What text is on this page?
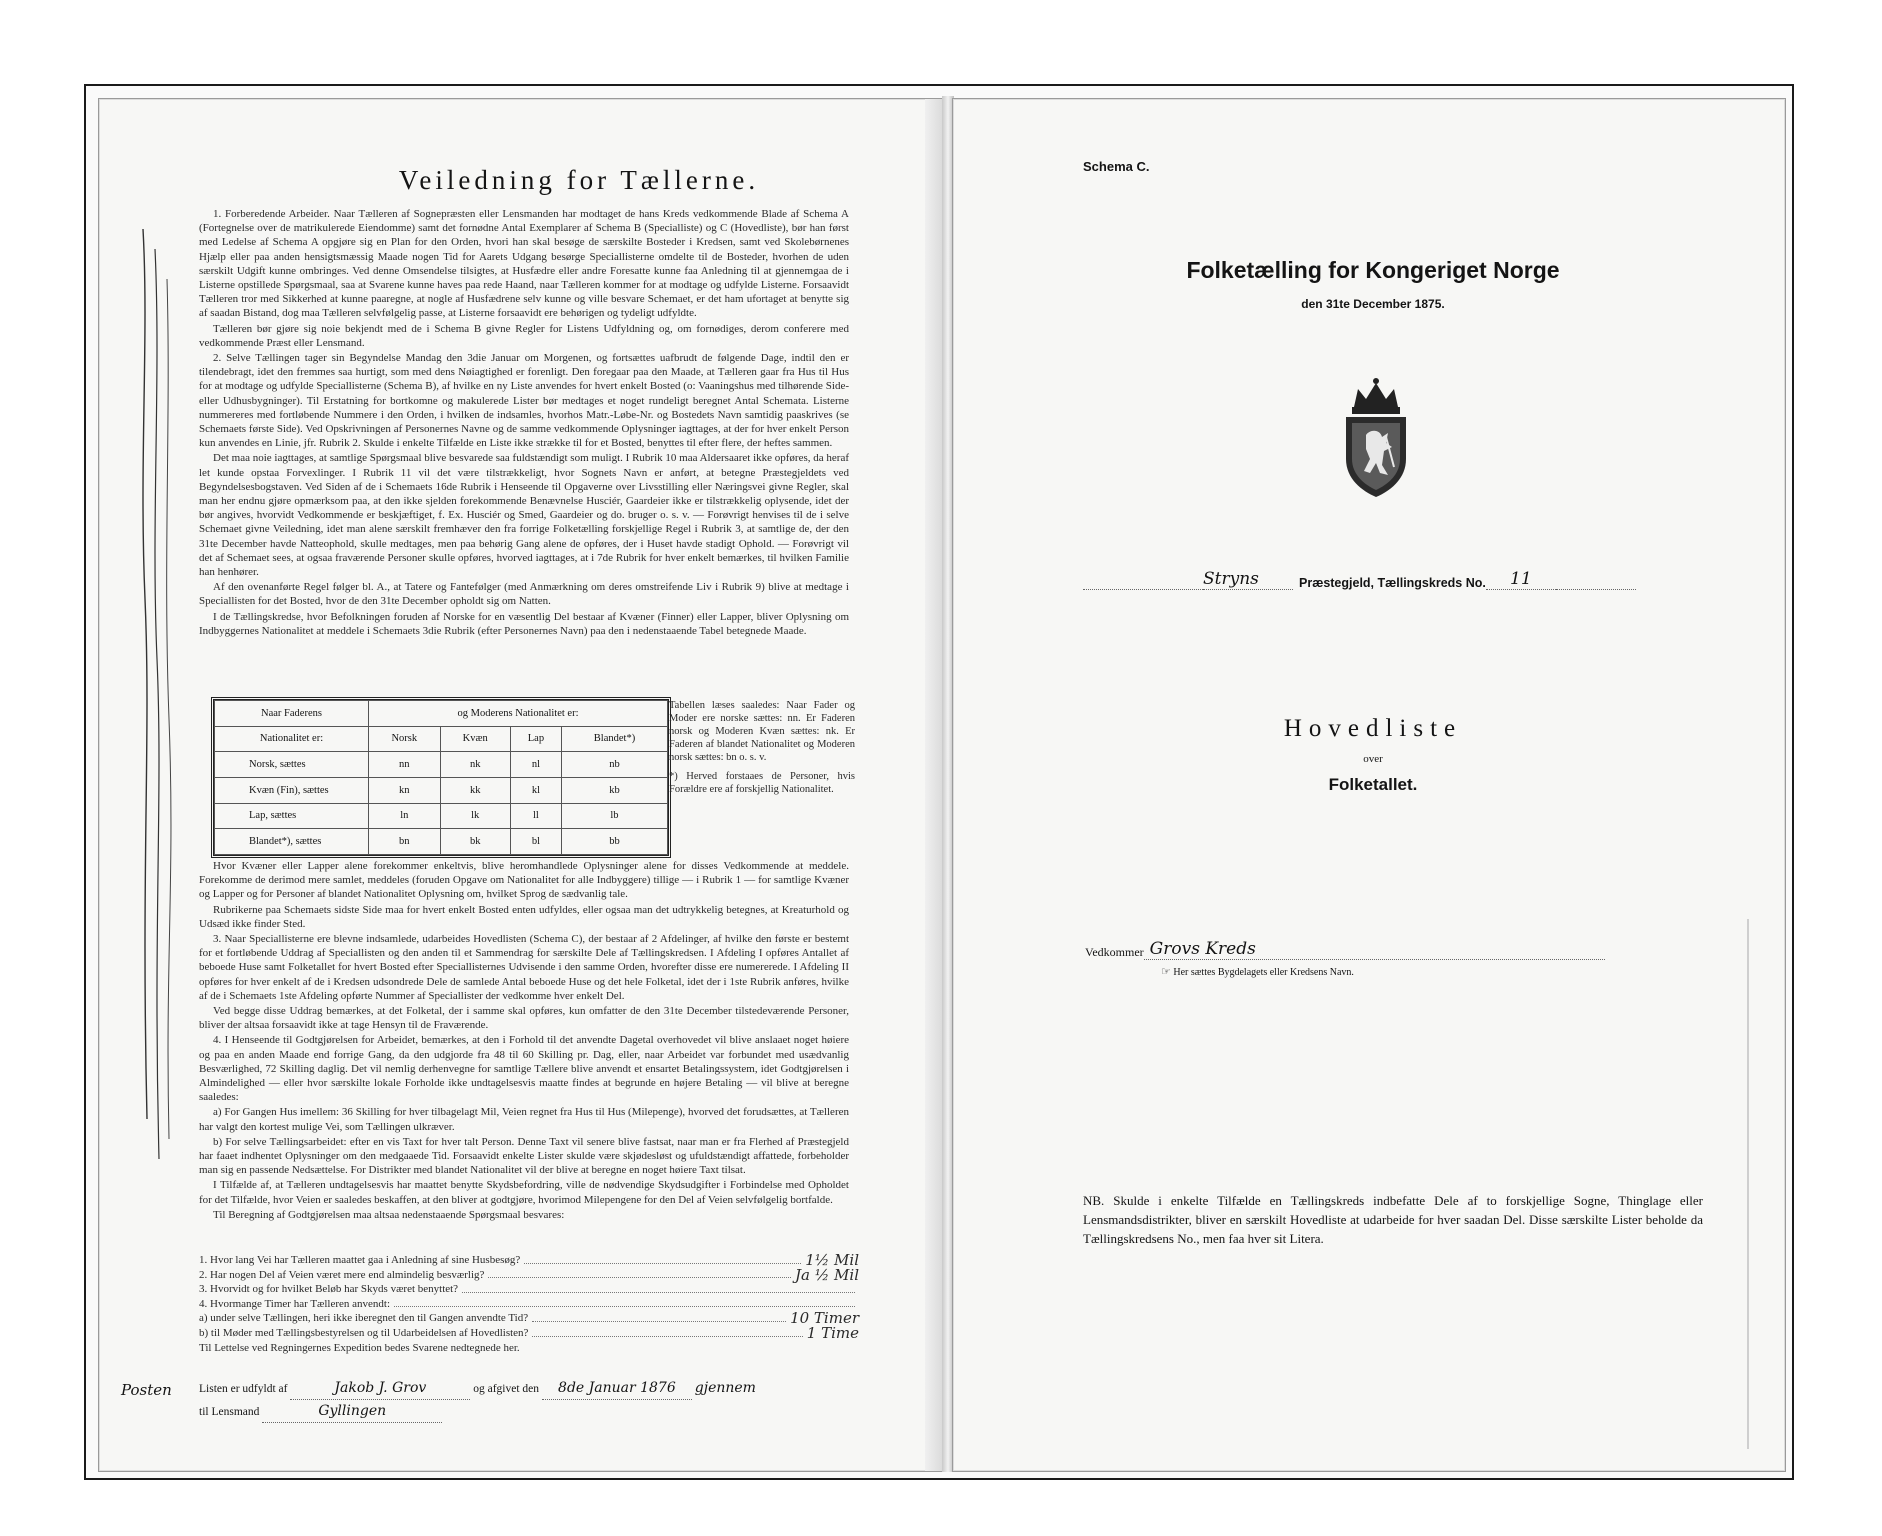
Veiledning for Tællerne.

1. Forberedende Arbeider. Naar Tælleren af Sognepræsten eller Lensmanden har modtaget de hans Kreds vedkommende Blade af Schema A (Fortegnelse over de matrikulerede Eiendomme) samt det fornødne Antal Exemplarer af Schema B (Specialliste) og C (Hovedliste), bør han først med Ledelse af Schema A opgjøre sig en Plan for den Orden, hvori han skal besøge de særskilte Bosteder i Kredsen, samt ved Skolebørnenes Hjælp eller paa anden hensigtsmæssig Maade nogen Tid for Aarets Udgang besørge Speciallisterne omdelte til de Bosteder, hvorhen de uden særskilt Udgift kunne ombringes. Ved denne Omsendelse tilsigtes, at Husfædre eller andre Foresatte kunne faa Anledning til at gjennemgaa de i Listerne opstillede Spørgsmaal, saa at Svarene kunne haves paa rede Haand, naar Tælleren kommer for at modtage og udfylde Listerne. Forsaavidt Tælleren tror med Sikkerhed at kunne paaregne, at nogle af Husfædrene selv kunne og ville besvare Schemaet, er det ham ufortaget at benytte sig af saadan Bistand, dog maa Tælleren selvfølgelig passe, at Listerne forsaavidt ere behørigen og tydeligt udfyldte.

Tælleren bør gjøre sig noie bekjendt med de i Schema B givne Regler for Listens Udfyldning og, om fornødiges, derom conferere med vedkommende Præst eller Lensmand.

2. Selve Tællingen tager sin Begyndelse Mandag den 3die Januar om Morgenen, og fortsættes uafbrudt de følgende Dage, indtil den er tilendebragt, idet den fremmes saa hurtigt, som med dens Nøiagtighed er forenligt. Den foregaar paa den Maade, at Tælleren gaar fra Hus til Hus for at modtage og udfylde Speciallisterne (Schema B), af hvilke en ny Liste anvendes for hvert enkelt Bosted (o: Vaaningshus med tilhørende Side- eller Udhusbygninger). Til Erstatning for bortkomne og makulerede Lister bør medtages et noget rundeligt beregnet Antal Schemata. Listerne nummereres med fortløbende Nummere i den Orden, i hvilken de indsamles, hvorhos Matr.-Løbe-Nr. og Bostedets Navn samtidig paaskrives (se Schemaets første Side). Ved Opskrivningen af Personernes Navne og de samme vedkommende Oplysninger iagttages, at der for hver enkelt Person kun anvendes en Linie, jfr. Rubrik 2. Skulde i enkelte Tilfælde en Liste ikke strække til for et Bosted, benyttes til efter flere, der heftes sammen.

Det maa noie iagttages, at samtlige Spørgsmaal blive besvarede saa fuldstændigt som muligt. I Rubrik 10 maa Aldersaaret ikke opføres, da heraf let kunde opstaa Forvexlinger. I Rubrik 11 vil det være tilstrækkeligt, hvor Sognets Navn er anført, at betegne Præstegjeldets ved Begyndelsesbogstaven. Ved Siden af de i Schemaets 16de Rubrik i Henseende til Opgaverne over Livsstilling eller Næringsvei givne Regler, skal man her endnu gjøre opmærksom paa, at den ikke sjelden forekommende Benævnelse Husciér, Gaardeier ikke er tilstrækkelig oplysende, idet der bør angives, hvorvidt Vedkommende er beskjæftiget, f. Ex. Husciér og Smed, Gaardeier og do. bruger o. s. v. — Forøvrigt henvises til de i selve Schemaet givne Veiledning, idet man alene særskilt fremhæver den fra forrige Folketælling forskjellige Regel i Rubrik 3, at samtlige de, der den 31te December havde Natteophold, skulle medtages, men paa behørig Gang alene de opføres, der i Huset havde stadigt Ophold. — Forøvrigt vil det af Schemaet sees, at ogsaa fraværende Personer skulle opføres, hvorved iagttages, at i 7de Rubrik for hver enkelt bemærkes, til hvilken Familie han henhører.

Af den ovenanførte Regel følger bl. A., at Tatere og Fantefølger (med Anmærkning om deres omstreifende Liv i Rubrik 9) blive at medtage i Speciallisten for det Bosted, hvor de den 31te December opholdt sig om Natten.

I de Tællingskredse, hvor Befolkningen foruden af Norske for en væsentlig Del bestaar af Kvæner (Finner) eller Lapper, bliver Oplysning om Indbyggernes Nationalitet at meddele i Schemaets 3die Rubrik (efter Personernes Navn) paa den i nedenstaaende Tabel betegnede Maade.

Naar Faderens	og Moderens Nationalitet er:			
Nationalitet er:	Norsk	Kvæn	Lap	Blandet*)
Norsk, sættes	nn	nk	nl	nb
Kvæn (Fin), sættes	kn	kk	kl	kb
Lap, sættes	ln	lk	ll	lb
Blandet*), sættes	bn	bk	bl	bb
Tabellen læses saaledes: Naar Fader og Moder ere norske sættes: nn. Er Faderen norsk og Moderen Kvæn sættes: nk. Er Faderen af blandet Nationalitet og Moderen norsk sættes: bn o. s. v.
*) Herved forstaaes de Personer, hvis Forældre ere af forskjellig Nationalitet.

Hvor Kvæner eller Lapper alene forekommer enkeltvis, blive heromhandlede Oplysninger alene for disses Vedkommende at meddele. Forekomme de derimod mere samlet, meddeles (foruden Opgave om Nationalitet for alle Indbyggere) tillige — i Rubrik 1 — for samtlige Kvæner og Lapper og for Personer af blandet Nationalitet Oplysning om, hvilket Sprog de sædvanlig tale.

Rubrikerne paa Schemaets sidste Side maa for hvert enkelt Bosted enten udfyldes, eller ogsaa man det udtrykkelig betegnes, at Kreaturhold og Udsæd ikke finder Sted.

3. Naar Speciallisterne ere blevne indsamlede, udarbeides Hovedlisten (Schema C), der bestaar af 2 Afdelinger, af hvilke den første er bestemt for et fortløbende Uddrag af Speciallisten og den anden til et Sammendrag for særskilte Dele af Tællingskredsen. I Afdeling I opføres Antallet af beboede Huse samt Folketallet for hvert Bosted efter Speciallisternes Udvisende i den samme Orden, hvorefter disse ere numererede. I Afdeling II opføres for hver enkelt af de i Kredsen udsondrede Dele de samlede Antal beboede Huse og det hele Folketal, idet der i 1ste Rubrik anføres, hvilke af de i Schemaets 1ste Afdeling opførte Nummer af Speciallister der vedkomme hver enkelt Del.

Ved begge disse Uddrag bemærkes, at det Folketal, der i samme skal opføres, kun omfatter de den 31te December tilstedeværende Personer, bliver der altsaa forsaavidt ikke at tage Hensyn til de Fraværende.

4. I Henseende til Godtgjørelsen for Arbeidet, bemærkes, at den i Forhold til det anvendte Dagetal overhovedet vil blive anslaaet noget høiere og paa en anden Maade end forrige Gang, da den udgjorde fra 48 til 60 Skilling pr. Dag, eller, naar Arbeidet var forbundet med usædvanlig Besværlighed, 72 Skilling daglig. Det vil nemlig derhenvegne for samtlige Tællere blive anvendt et ensartet Betalingssystem, idet Godtgjørelsen i Almindelighed — eller hvor særskilte lokale Forholde ikke undtagelsesvis maatte findes at begrunde en højere Betaling — vil blive at beregne saaledes:

a) For Gangen Hus imellem: 36 Skilling for hver tilbagelagt Mil, Veien regnet fra Hus til Hus (Milepenge), hvorved det forudsættes, at Tælleren har valgt den kortest mulige Vei, som Tællingen ulkræver.

b) For selve Tællingsarbeidet: efter en vis Taxt for hver talt Person. Denne Taxt vil senere blive fastsat, naar man er fra Flerhed af Præstegjeld har faaet indhentet Oplysninger om den medgaaede Tid. Forsaavidt enkelte Lister skulde være skjødesløst og ufuldstændigt affattede, forbeholder man sig en passende Nedsættelse. For Distrikter med blandet Nationalitet vil der blive at beregne en noget høiere Taxt tilsat.

I Tilfælde af, at Tælleren undtagelsesvis har maattet benytte Skydsbefordring, ville de nødvendige Skydsudgifter i Forbindelse med Opholdet for det Tilfælde, hvor Veien er saaledes beskaffen, at den bliver at godtgjøre, hvorimod Milepengene for den Del af Veien selvfølgelig bortfalde.

Til Beregning af Godtgjørelsen maa altsaa nedenstaaende Spørgsmaal besvares:

1. Hvor lang Vei har Tælleren maattet gaa i Anledning af sine Husbesøg?	1½ Mil
2. Har nogen Del af Veien været mere end almindelig besværlig?	Ja ½ Mil
3. Hvorvidt og for hvilket Beløb har Skyds været benyttet?
4. Hvormange Timer har Tælleren anvendt:
a) under selve Tællingen, heri ikke iberegnet den til Gangen anvendte Tid?	10 Timer
b) til Møder med Tællingsbestyrelsen og til Udarbeidelsen af Hovedlisten?	1 Time
Til Lettelse ved Regningernes Expedition bedes Svarene nedtegnede her.
Posten Listen er udfyldt af	Jakob J. Grov	og afgivet den 8de Januar 1876 gjennem
til Lensmand	Gyllingen
Schema C.
Folketælling for Kongeriget Norge
den 31te December 1875.
Stryns	Præstegjeld, Tællingskreds No.	11
Hovedliste
over
Folketallet.
Vedkommer Grovs Kreds
☞ Her sættes Bygdelagets eller Kredsens Navn.
NB. Skulde i enkelte Tilfælde en Tællingskreds indbefatte Dele af to forskjellige Sogne, Thinglage eller Lensmandsdistrikter, bliver en særskilt Hovedliste at udarbeide for hver saadan Del. Disse særskilte Lister beholde da Tællingskredsens No., men faa hver sit Litera.
